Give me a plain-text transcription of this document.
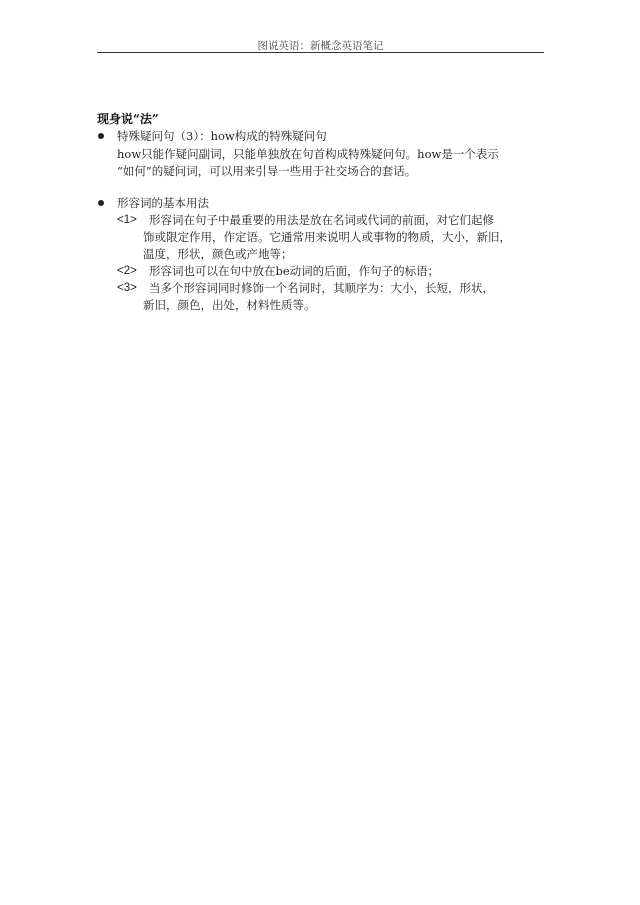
图说英语：新概念英语笔记
现身说“法”
特殊疑问句（3）：how构成的特殊疑问句
how只能作疑问副词，只能单独放在句首构成特殊疑问句。how是一个表示
“如何”的疑问词，可以用来引导一些用于社交场合的套话。
形容词的基本用法
<1> 形容词在句子中最重要的用法是放在名词或代词的前面，对它们起修
饰或限定作用，作定语。它通常用来说明人或事物的物质，大小，新旧，
温度，形状，颜色或产地等；
<2> 形容词也可以在句中放在be动词的后面，作句子的标语；
<3> 当多个形容词同时修饰一个名词时，其顺序为：大小，长短，形状，
新旧，颜色，出处，材料性质等。
